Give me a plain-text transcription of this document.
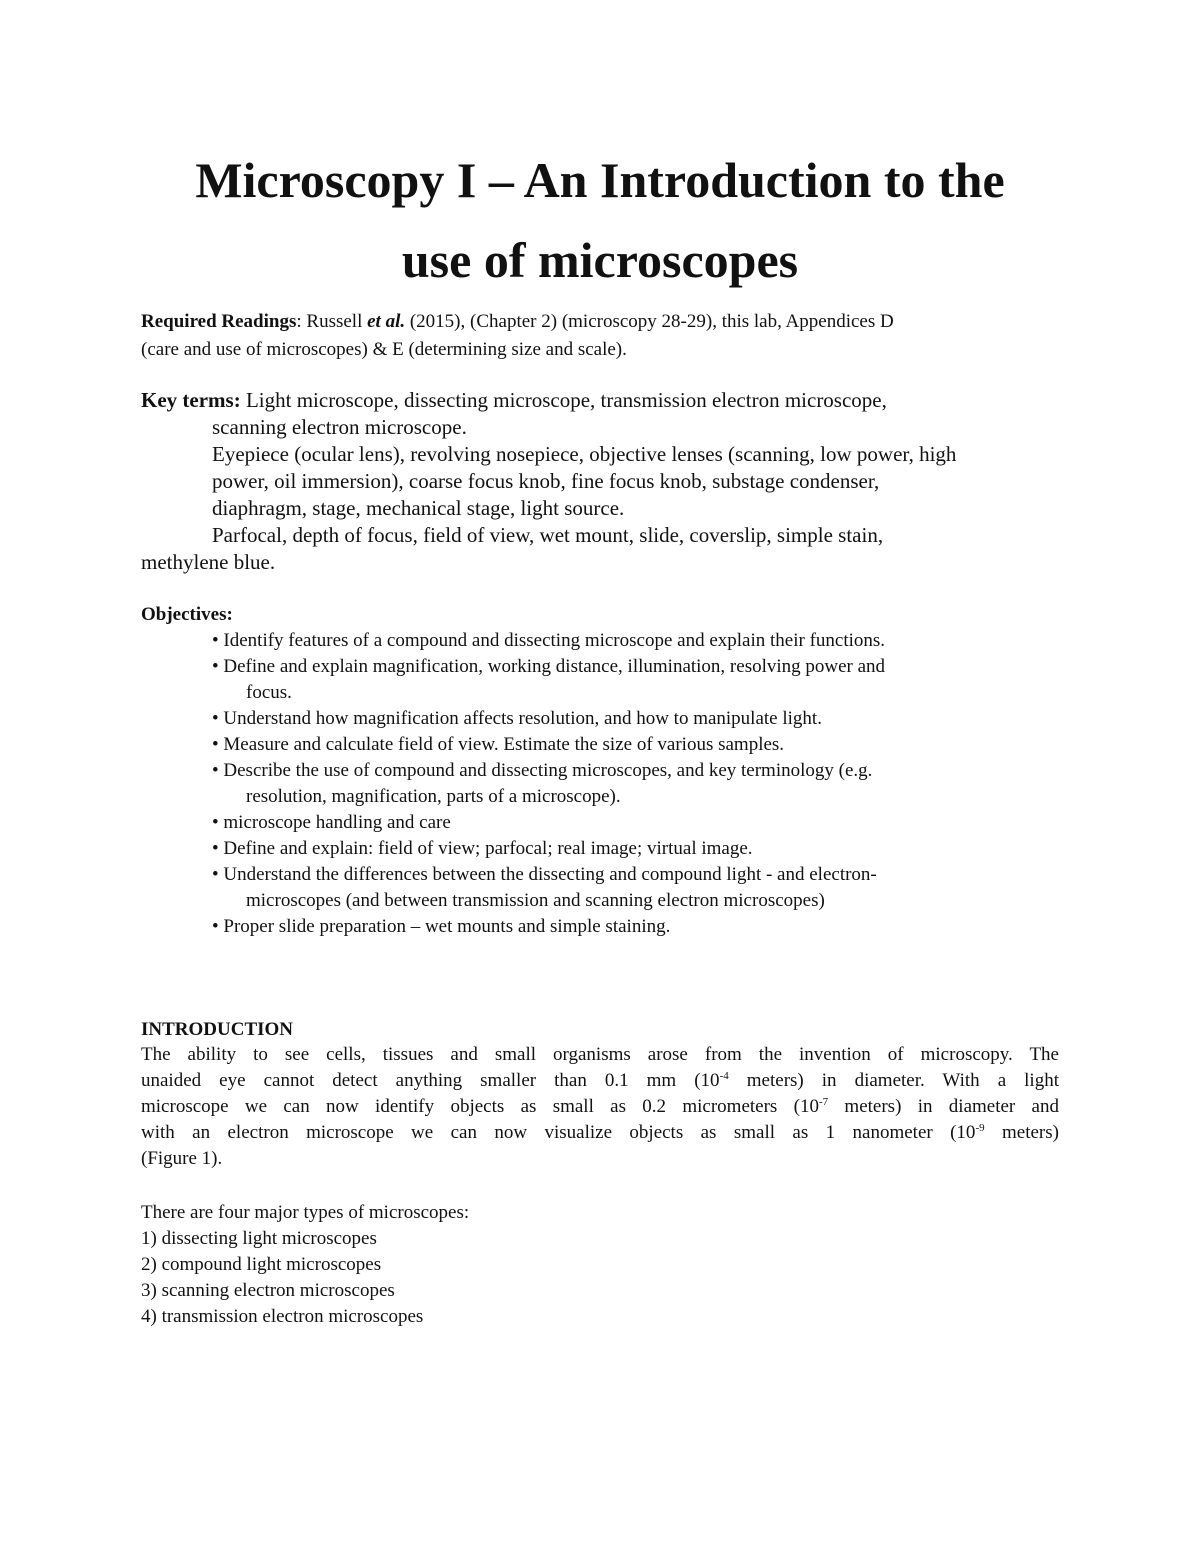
Microscopy I – An Introduction to the
use of microscopes
Required Readings: Russell et al. (2015), (Chapter 2) (microscopy 28-29), this lab, Appendices D
(care and use of microscopes) & E (determining size and scale).
Key terms: Light microscope, dissecting microscope, transmission electron microscope,
scanning electron microscope.
Eyepiece (ocular lens), revolving nosepiece, objective lenses (scanning, low power, high
power, oil immersion), coarse focus knob, fine focus knob, substage condenser,
diaphragm, stage, mechanical stage, light source.
Parfocal, depth of focus, field of view, wet mount, slide, coverslip, simple stain,
methylene blue.
Objectives:
• Identify features of a compound and dissecting microscope and explain their functions.
• Define and explain magnification, working distance, illumination, resolving power and
focus.
• Understand how magnification affects resolution, and how to manipulate light.
• Measure and calculate field of view. Estimate the size of various samples.
• Describe the use of compound and dissecting microscopes, and key terminology (e.g.
resolution, magnification, parts of a microscope).
• microscope handling and care
• Define and explain: field of view; parfocal; real image; virtual image.
• Understand the differences between the dissecting and compound light - and electron-
microscopes (and between transmission and scanning electron microscopes)
• Proper slide preparation – wet mounts and simple staining.
INTRODUCTION
The ability to see cells, tissues and small organisms arose from the invention of microscopy. The
unaided eye cannot detect anything smaller than 0.1 mm ($10^{-4}$ meters) in diameter. With a light
microscope we can now identify objects as small as 0.2 micrometers ($10^{-7}$ meters) in diameter and
with an electron microscope we can now visualize objects as small as 1 nanometer ($10^{-9}$ meters)
(Figure 1).
There are four major types of microscopes:
1) dissecting light microscopes
2) compound light microscopes
3) scanning electron microscopes
4) transmission electron microscopes
